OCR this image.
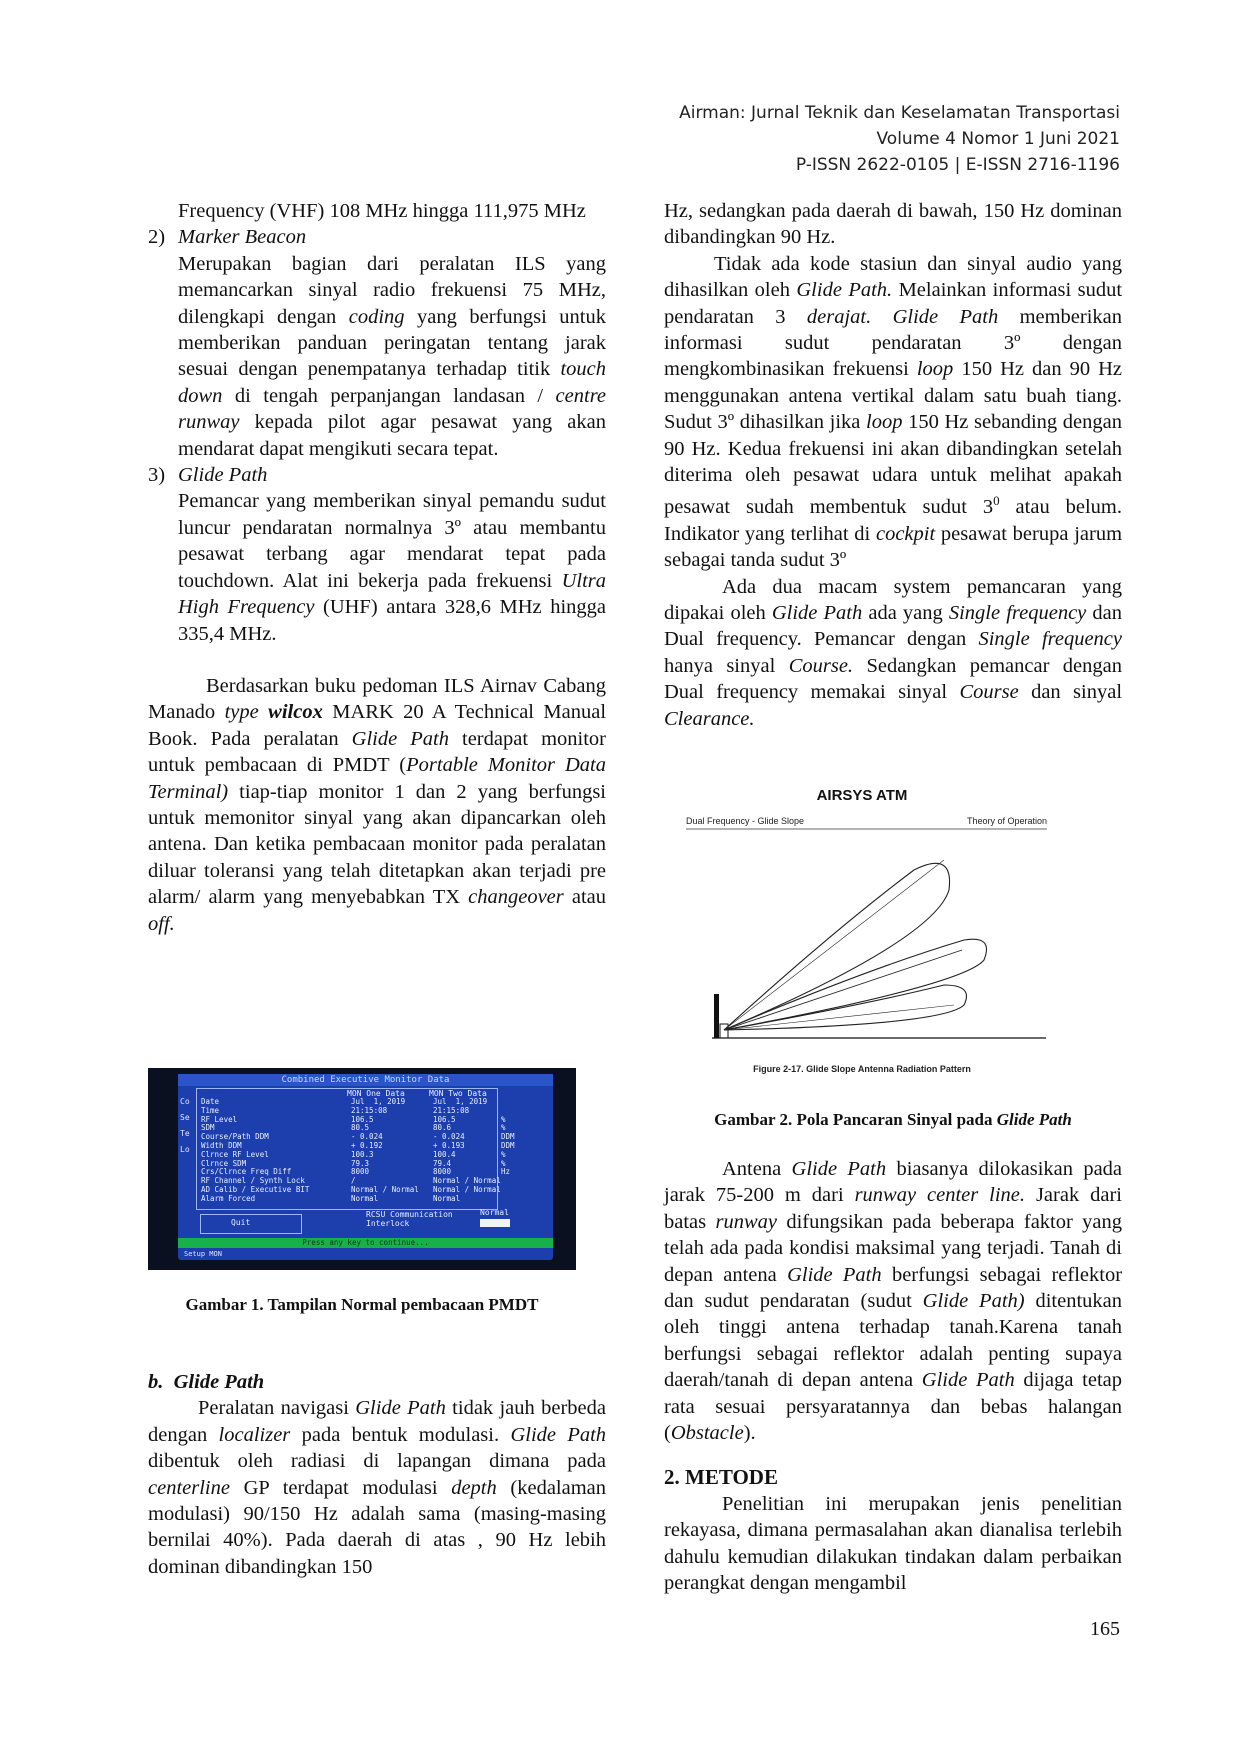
Airman: Jurnal Teknik dan Keselamatan Transportasi
Volume 4 Nomor 1 Juni 2021
P-ISSN 2622-0105 | E-ISSN 2716-1196

Frequency (VHF) 108 MHz hingga 111,975 MHz

2) Marker Beacon

Merupakan bagian dari peralatan ILS yang memancarkan sinyal radio frekuensi 75 MHz, dilengkapi dengan coding yang berfungsi untuk memberikan panduan peringatan tentang jarak sesuai dengan penempatanya terhadap titik touch down di tengah perpanjangan landasan / centre runway kepada pilot agar pesawat yang akan mendarat dapat mengikuti secara tepat.

3) Glide Path

Pemancar yang memberikan sinyal pemandu sudut luncur pendaratan normalnya 3º atau membantu pesawat terbang agar mendarat tepat pada touchdown. Alat ini bekerja pada frekuensi Ultra High Frequency (UHF) antara 328,6 MHz hingga 335,4 MHz.

Berdasarkan buku pedoman ILS Airnav Cabang Manado type wilcox MARK 20 A Technical Manual Book. Pada peralatan Glide Path terdapat monitor untuk pembacaan di PMDT (Portable Monitor Data Terminal) tiap-tiap monitor 1 dan 2 yang berfungsi untuk memonitor sinyal yang akan dipancarkan oleh antena. Dan ketika pembacaan monitor pada peralatan diluar toleransi yang telah ditetapkan akan terjadi pre alarm/ alarm yang menyebabkan TX changeover atau off.

Combined Executive Monitor Data
Co
Se
Te
Lo
MON One Data	MON Two Data
Date	Jul  1, 2019	Jul  1, 2019
Time	21:15:08	21:15:08
RF Level	106.5	106.5	%
SDM	80.5	80.6	%
Course/Path DDM	- 0.024	- 0.024	DDM
Width DDM	+ 0.192	+ 0.193	DDM
Clrnce RF Level	100.3	100.4	%
Clrnce SDM	79.3	79.4	%
Crs/Clrnce Freq Diff	8000	8000	Hz
RF Channel / Synth Lock	/	Normal / Normal
AD Calib / Executive BIT	Normal / Normal Normal / Normal
Alarm Forced	Normal	Normal
Quit
RCSU Communication
Interlock
Normal
Press any key to continue...
Setup MON
Gambar 1. Tampilan Normal pembacaan PMDT
b. Glide Path

Peralatan navigasi Glide Path tidak jauh berbeda dengan localizer pada bentuk modulasi. Glide Path dibentuk oleh radiasi di lapangan dimana pada centerline GP terdapat modulasi depth (kedalaman modulasi) 90/150 Hz adalah sama (masing-masing bernilai 40%). Pada daerah di atas , 90 Hz lebih dominan dibandingkan 150

Hz, sedangkan pada daerah di bawah, 150 Hz dominan dibandingkan 90 Hz.

Tidak ada kode stasiun dan sinyal audio yang dihasilkan oleh Glide Path. Melainkan informasi sudut pendaratan 3 derajat. Glide Path memberikan informasi sudut pendaratan 3º dengan mengkombinasikan frekuensi loop 150 Hz dan 90 Hz menggunakan antena vertikal dalam satu buah tiang. Sudut 3º dihasilkan jika loop 150 Hz sebanding dengan 90 Hz. Kedua frekuensi ini akan dibandingkan setelah diterima oleh pesawat udara untuk melihat apakah pesawat sudah membentuk sudut $3^0$ atau belum. Indikator yang terlihat di cockpit pesawat berupa jarum sebagai tanda sudut 3º

Ada dua macam system pemancaran yang dipakai oleh Glide Path ada yang Single frequency dan Dual frequency. Pemancar dengan Single frequency hanya sinyal Course. Sedangkan pemancar dengan Dual frequency memakai sinyal Course dan sinyal Clearance.

AIRSYS ATM
Dual Frequency - Glide Slope	Theory of Operation
Figure 2-17. Glide Slope Antenna Radiation Pattern
Gambar 2. Pola Pancaran Sinyal pada Glide Path

Antena Glide Path biasanya dilokasikan pada jarak 75-200 m dari runway center line. Jarak dari batas runway difungsikan pada beberapa faktor yang telah ada pada kondisi maksimal yang terjadi. Tanah di depan antena Glide Path berfungsi sebagai reflektor dan sudut pendaratan (sudut Glide Path) ditentukan oleh tinggi antena terhadap tanah.Karena tanah berfungsi sebagai reflektor adalah penting supaya daerah/tanah di depan antena Glide Path dijaga tetap rata sesuai persyaratannya dan bebas halangan (Obstacle).

2. METODE

Penelitian ini merupakan jenis penelitian rekayasa, dimana permasalahan akan dianalisa terlebih dahulu kemudian dilakukan tindakan dalam perbaikan perangkat dengan mengambil

165
